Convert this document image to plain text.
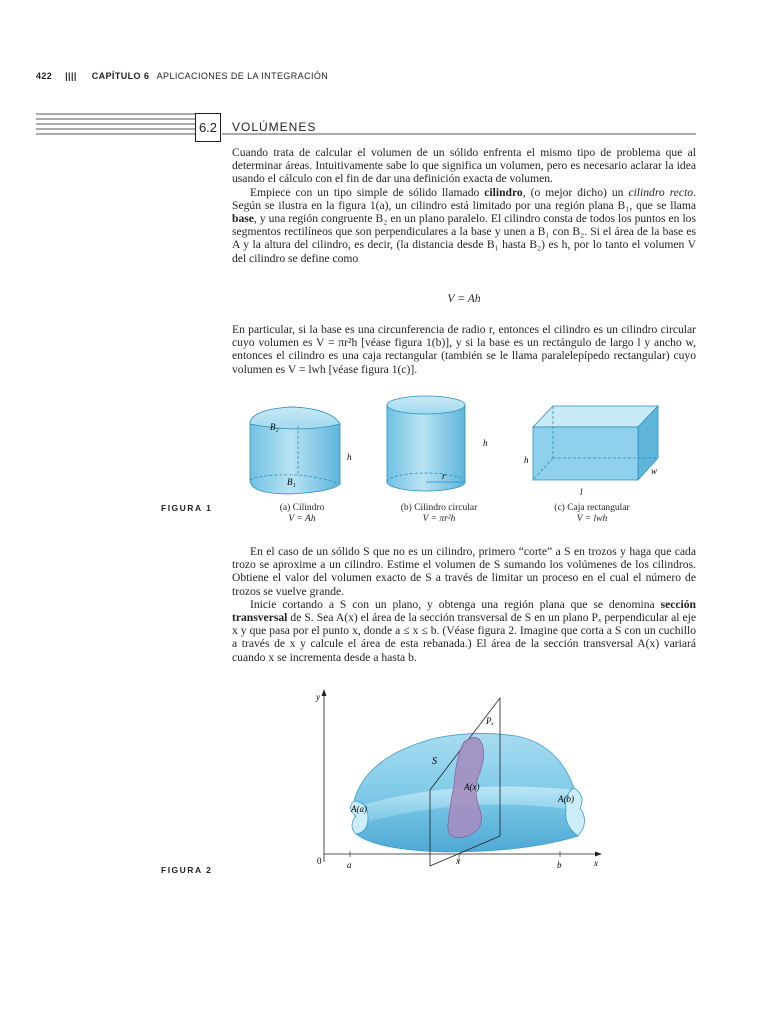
422 |||| CAPÍTULO 6 APLICACIONES DE LA INTEGRACIÓN
6.2	VOLÚMENES

Cuando trata de calcular el volumen de un sólido enfrenta el mismo tipo de problema que al determinar áreas. Intuitivamente sabe lo que significa un volumen, pero es necesario aclarar la idea usando el cálculo con el fin de dar una definición exacta de volumen.

Empiece con un tipo simple de sólido llamado cilindro, (o mejor dicho) un cilindro recto. Según se ilustra en la figura 1(a), un cilindro está limitado por una región plana B₁, que se llama base, y una región congruente B₂ en un plano paralelo. El cilindro consta de todos los puntos en los segmentos rectilíneos que son perpendiculares a la base y unen a B₁ con B₂. Si el área de la base es A y la altura del cilindro, es decir, (la distancia desde B₁ hasta B₂) es h, por lo tanto el volumen V del cilindro se define como

V = Ah
En particular, si la base es una circunferencia de radio r, entonces el cilindro es un cilindro circular cuyo volumen es V = πr²h [véase figura 1(b)], y si la base es un rectángulo de largo l y ancho w, entonces el cilindro es una caja rectangular (también se le llama paralelepípedo rectangular) cuyo volumen es V = lwh [véase figura 1(c)].
B₂
B₁
h
r
h
h
w
l
FIGURA 1	(a) Cilindro
V = Ah
(b) Cilindro circular
V = πr²h
(c) Caja rectangular
V = lwh

En el caso de un sólido S que no es un cilindro, primero “corte” a S en trozos y haga que cada trozo se aproxime a un cilindro. Estime el volumen de S sumando los volúmenes de los cilindros. Obtiene el valor del volumen exacto de S a través de limitar un proceso en el cual el número de trozos se vuelve grande.

Inicie cortando a S con un plano, y obtenga una región plana que se denomina sección transversal de S. Sea A(x) el área de la sección transversal de S en un plano Pₓ perpendicular al eje x y que pasa por el punto x, donde a ≤ x ≤ b. (Véase figura 2. Imagine que corta a S con un cuchillo a través de x y calcule el área de esta rebanada.) El área de la sección transversal A(x) variará cuando x se incrementa desde a hasta b.

y
x
0	a	x	b
S
Pₓ
A(x)
A(a)
A(b)
FIGURA 2
